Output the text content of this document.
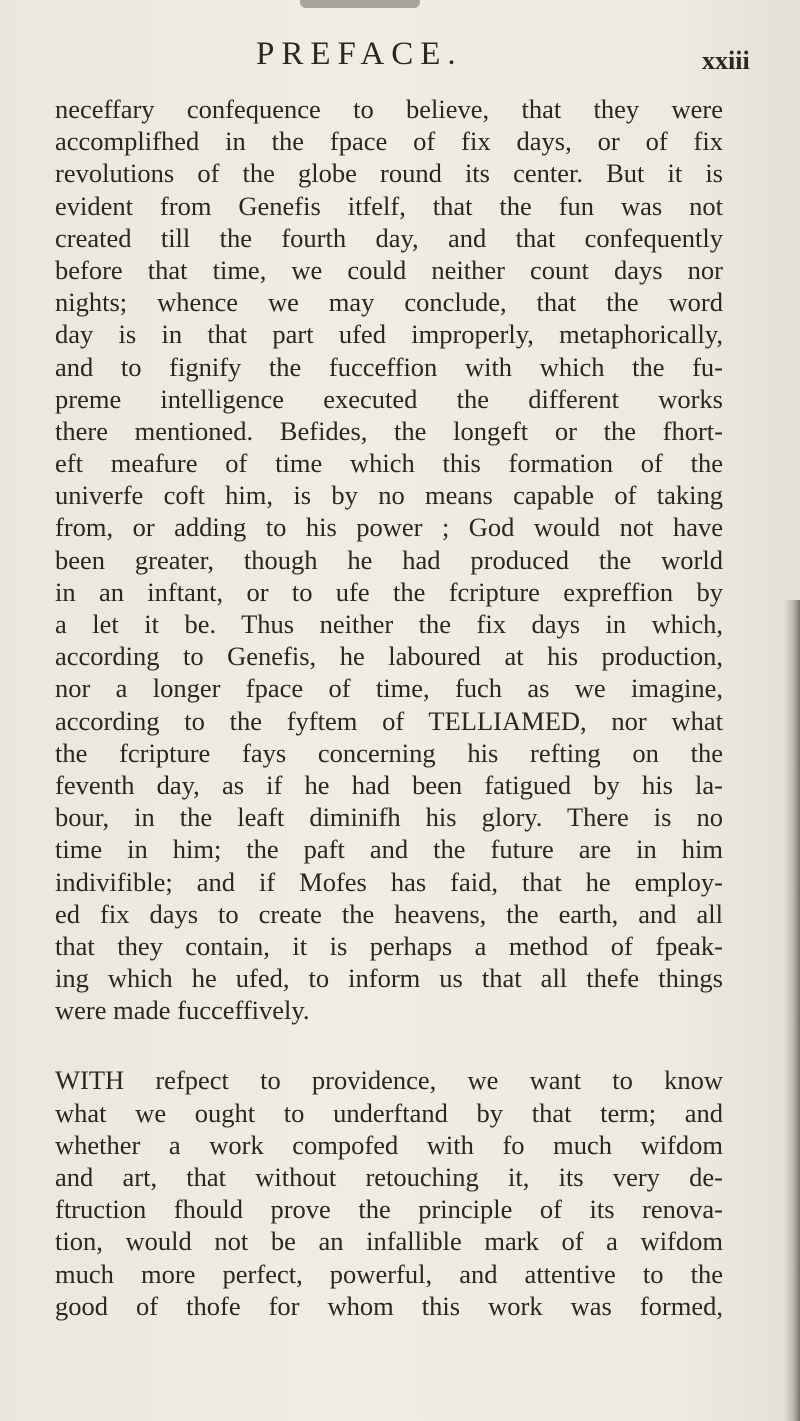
PREFACE.	xxiii
neceffary confequence to believe, that they were
accomplifhed in the fpace of fix days, or of fix
revolutions of the globe round its center. But it is
evident from Genefis itfelf, that the fun was not
created till the fourth day, and that confequently
before that time, we could neither count days nor
nights; whence we may conclude, that the word
day is in that part ufed improperly, metaphorically,
and to fignify the fucceffion with which the fu-
preme intelligence executed the different works
there mentioned. Befides, the longeft or the fhort-
eft meafure of time which this formation of the
univerfe coft him, is by no means capable of taking
from, or adding to his power ; God would not have
been greater, though he had produced the world
in an inftant, or to ufe the fcripture expreffion by
a let it be. Thus neither the fix days in which,
according to Genefis, he laboured at his production,
nor a longer fpace of time, fuch as we imagine,
according to the fyftem of TELLIAMED, nor what
the fcripture fays concerning his refting on the
feventh day, as if he had been fatigued by his la-
bour, in the leaft diminifh his glory. There is no
time in him; the paft and the future are in him
indivifible; and if Mofes has faid, that he employ-
ed fix days to create the heavens, the earth, and all
that they contain, it is perhaps a method of fpeak-
ing which he ufed, to inform us that all thefe things
were made fucceffively.
WITH refpect to providence, we want to know
what we ought to underftand by that term; and
whether a work compofed with fo much wifdom
and art, that without retouching it, its very de-
ftruction fhould prove the principle of its renova-
tion, would not be an infallible mark of a wifdom
much more perfect, powerful, and attentive to the
good of thofe for whom this work was formed,
